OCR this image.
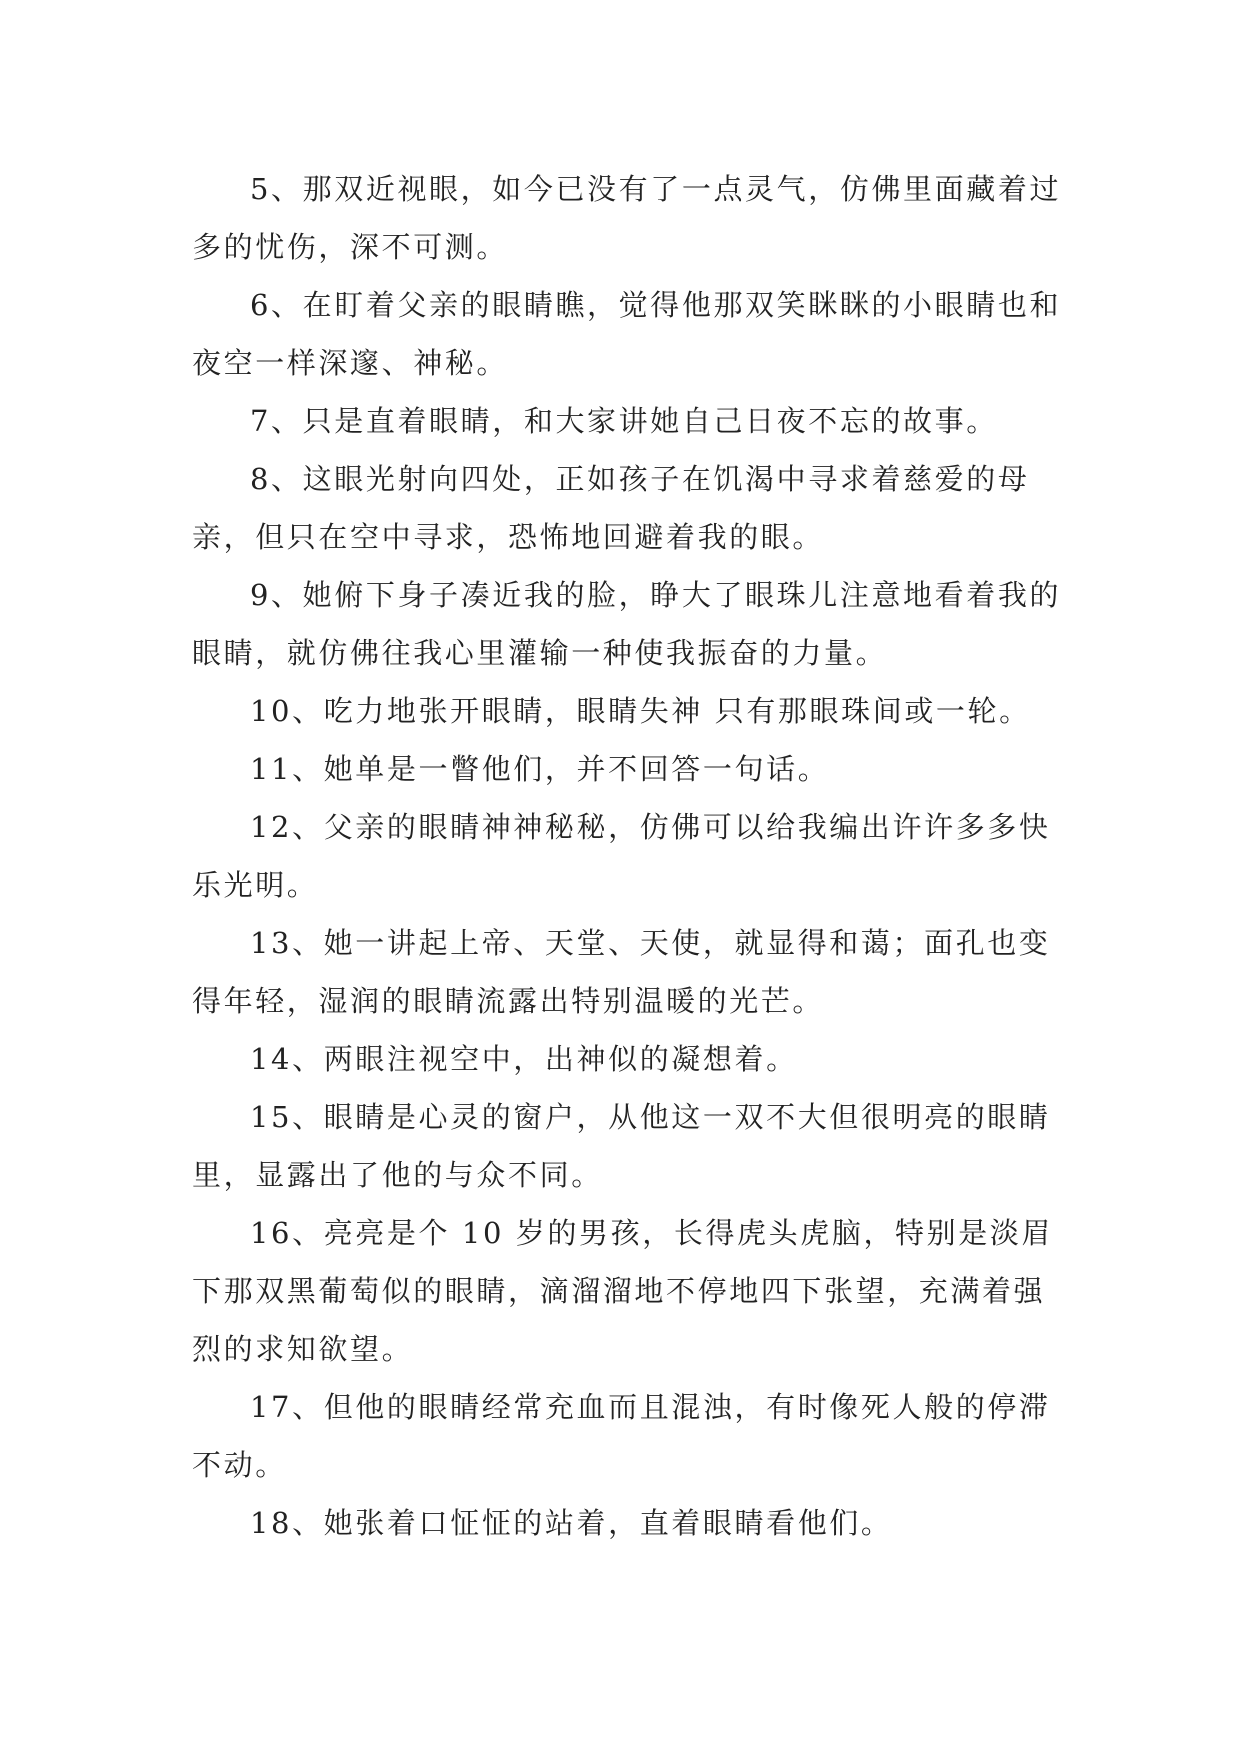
5、那双近视眼，如今已没有了一点灵气，仿佛里面藏着过多的忧伤，深不可测。

6、在盯着父亲的眼睛瞧，觉得他那双笑眯眯的小眼睛也和夜空一样深邃、神秘。

7、只是直着眼睛，和大家讲她自己日夜不忘的故事。

8、这眼光射向四处，正如孩子在饥渴中寻求着慈爱的母亲，但只在空中寻求，恐怖地回避着我的眼。

9、她俯下身子凑近我的脸，睁大了眼珠儿注意地看着我的眼睛，就仿佛往我心里灌输一种使我振奋的力量。

10、吃力地张开眼睛，眼睛失神 只有那眼珠间或一轮。

11、她单是一瞥他们，并不回答一句话。

12、父亲的眼睛神神秘秘，仿佛可以给我编出许许多多快乐光明。

13、她一讲起上帝、天堂、天使，就显得和蔼；面孔也变得年轻，湿润的眼睛流露出特别温暖的光芒。

14、两眼注视空中，出神似的凝想着。

15、眼睛是心灵的窗户，从他这一双不大但很明亮的眼睛里，显露出了他的与众不同。

16、亮亮是个 10 岁的男孩，长得虎头虎脑，特别是淡眉下那双黑葡萄似的眼睛，滴溜溜地不停地四下张望，充满着强烈的求知欲望。

17、但他的眼睛经常充血而且混浊，有时像死人般的停滞不动。

18、她张着口怔怔的站着，直着眼睛看他们。
